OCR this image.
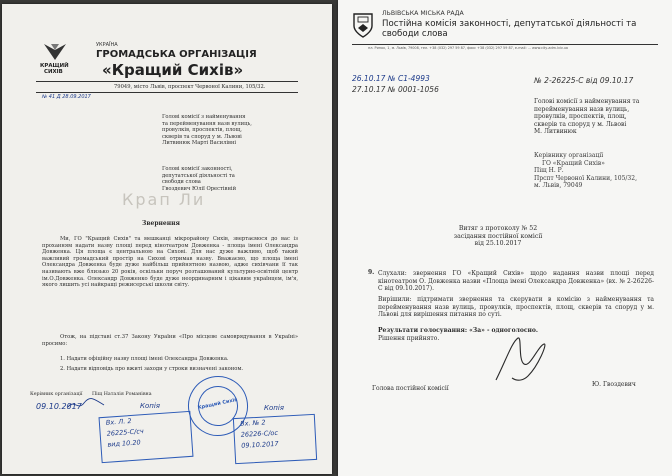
КРАЩИЙ
СИХІВ
УКРАЇНА
ГРОМАДСЬКА ОРГАНІЗАЦІЯ
«Кращий Сихів»
79049, місто Львів, проспект Червоної Калини, 105/32.
№ 41 Д 28.09.2017
Голові комісії з найменування
та перейменування назв вулиць,
провулків, проспектів, площ,
скверів та споруд у м. Львові
Литвинюк Марті Василівні
Голові комісії законності,
депутатської діяльності та
свободи слова
Гвоздевич Юлії Орестівній
Крап Ли
Звернення
Ми, ГО "Кращий Сихів" та мешканці мікрорайону Сихів, звертаємося до вас із проханням надати назву площі перед кінотеатром Довженка - площа імені Олександра Довженка. Ця площа є центральною на Сихові. Для нас дуже важливо, щоб такий важливий громадський простір на Сихові отримав назву. Вважаємо, що площа імені Олександра Довженка буде дуже найбільш прийнятною назвою, адже сихівчани її так називають вже близько 20 років, оскільки поруч розташований культурно-освітній центр ім.О.Довженка. Олександр Довженко буде дуже неординарним і цікавим українцем, ім'я, якого лишить усі найкращі режисерські школи світу.
Отож, на підставі ст.37 Закону України «Про місцеве самоврядування в Україні» просимо:
1. Надати офіційну назву площі імені Олександра Довженка.
2. Надати відповідь про вжиті заходи у строки визначені законом.
Кращий Сихів
Керівник організації Піщ Наталія Романівна
09.10.2017	Копія
Вх. Л. 2
26225-С/сч
вид 10.20
Копія
Вх. № 2
26226-С/ос
09.10.2017
ЛЬВІВСЬКА МІСЬКА РАДА
Постійна комісія законності, депутатської діяльності та свободи слова
пл. Ринок, 1, м. Львів, 79008, тел. +38 (032) 297 59 87, факс +38 (032) 297 59 87, е-mail: ... www.city-adm.lviv.ua
26.10.17 № С1-4993
27.10.17 № 0001-1056
№ 2-26225-С від 09.10.17
Голові комісії з найменування та
перейменування назв вулиць,
провулків, проспектів, площ,
скверів та споруд у м. Львові
М. Литвинюк
Керівнику організації
ГО «Кращий Сихів»
Піщ Н. Р.
Прспт Червоної Калини, 105/32,
м. Львів, 79049
Витяг з протоколу № 52
засідання постійної комісії
від 25.10.2017
9. Слухали: звернення ГО «Кращий Сихів» щодо надання назви площі перед кінотеатром О. Довженка назви «Площа імені Олександра Довженка» (вх. № 2-26226-С від 09.10.2017).
Вирішили: підтримати звернення та скерувати в комісію з найменування та перейменування назв вулиць, провулків, проспектів, площ, скверів та споруд у м. Львові для вирішення питання по суті.
Результати голосування: «За» - одноголосно.
Рішення прийнято.
Голова постійної комісії
Ю. Гвоздевич
